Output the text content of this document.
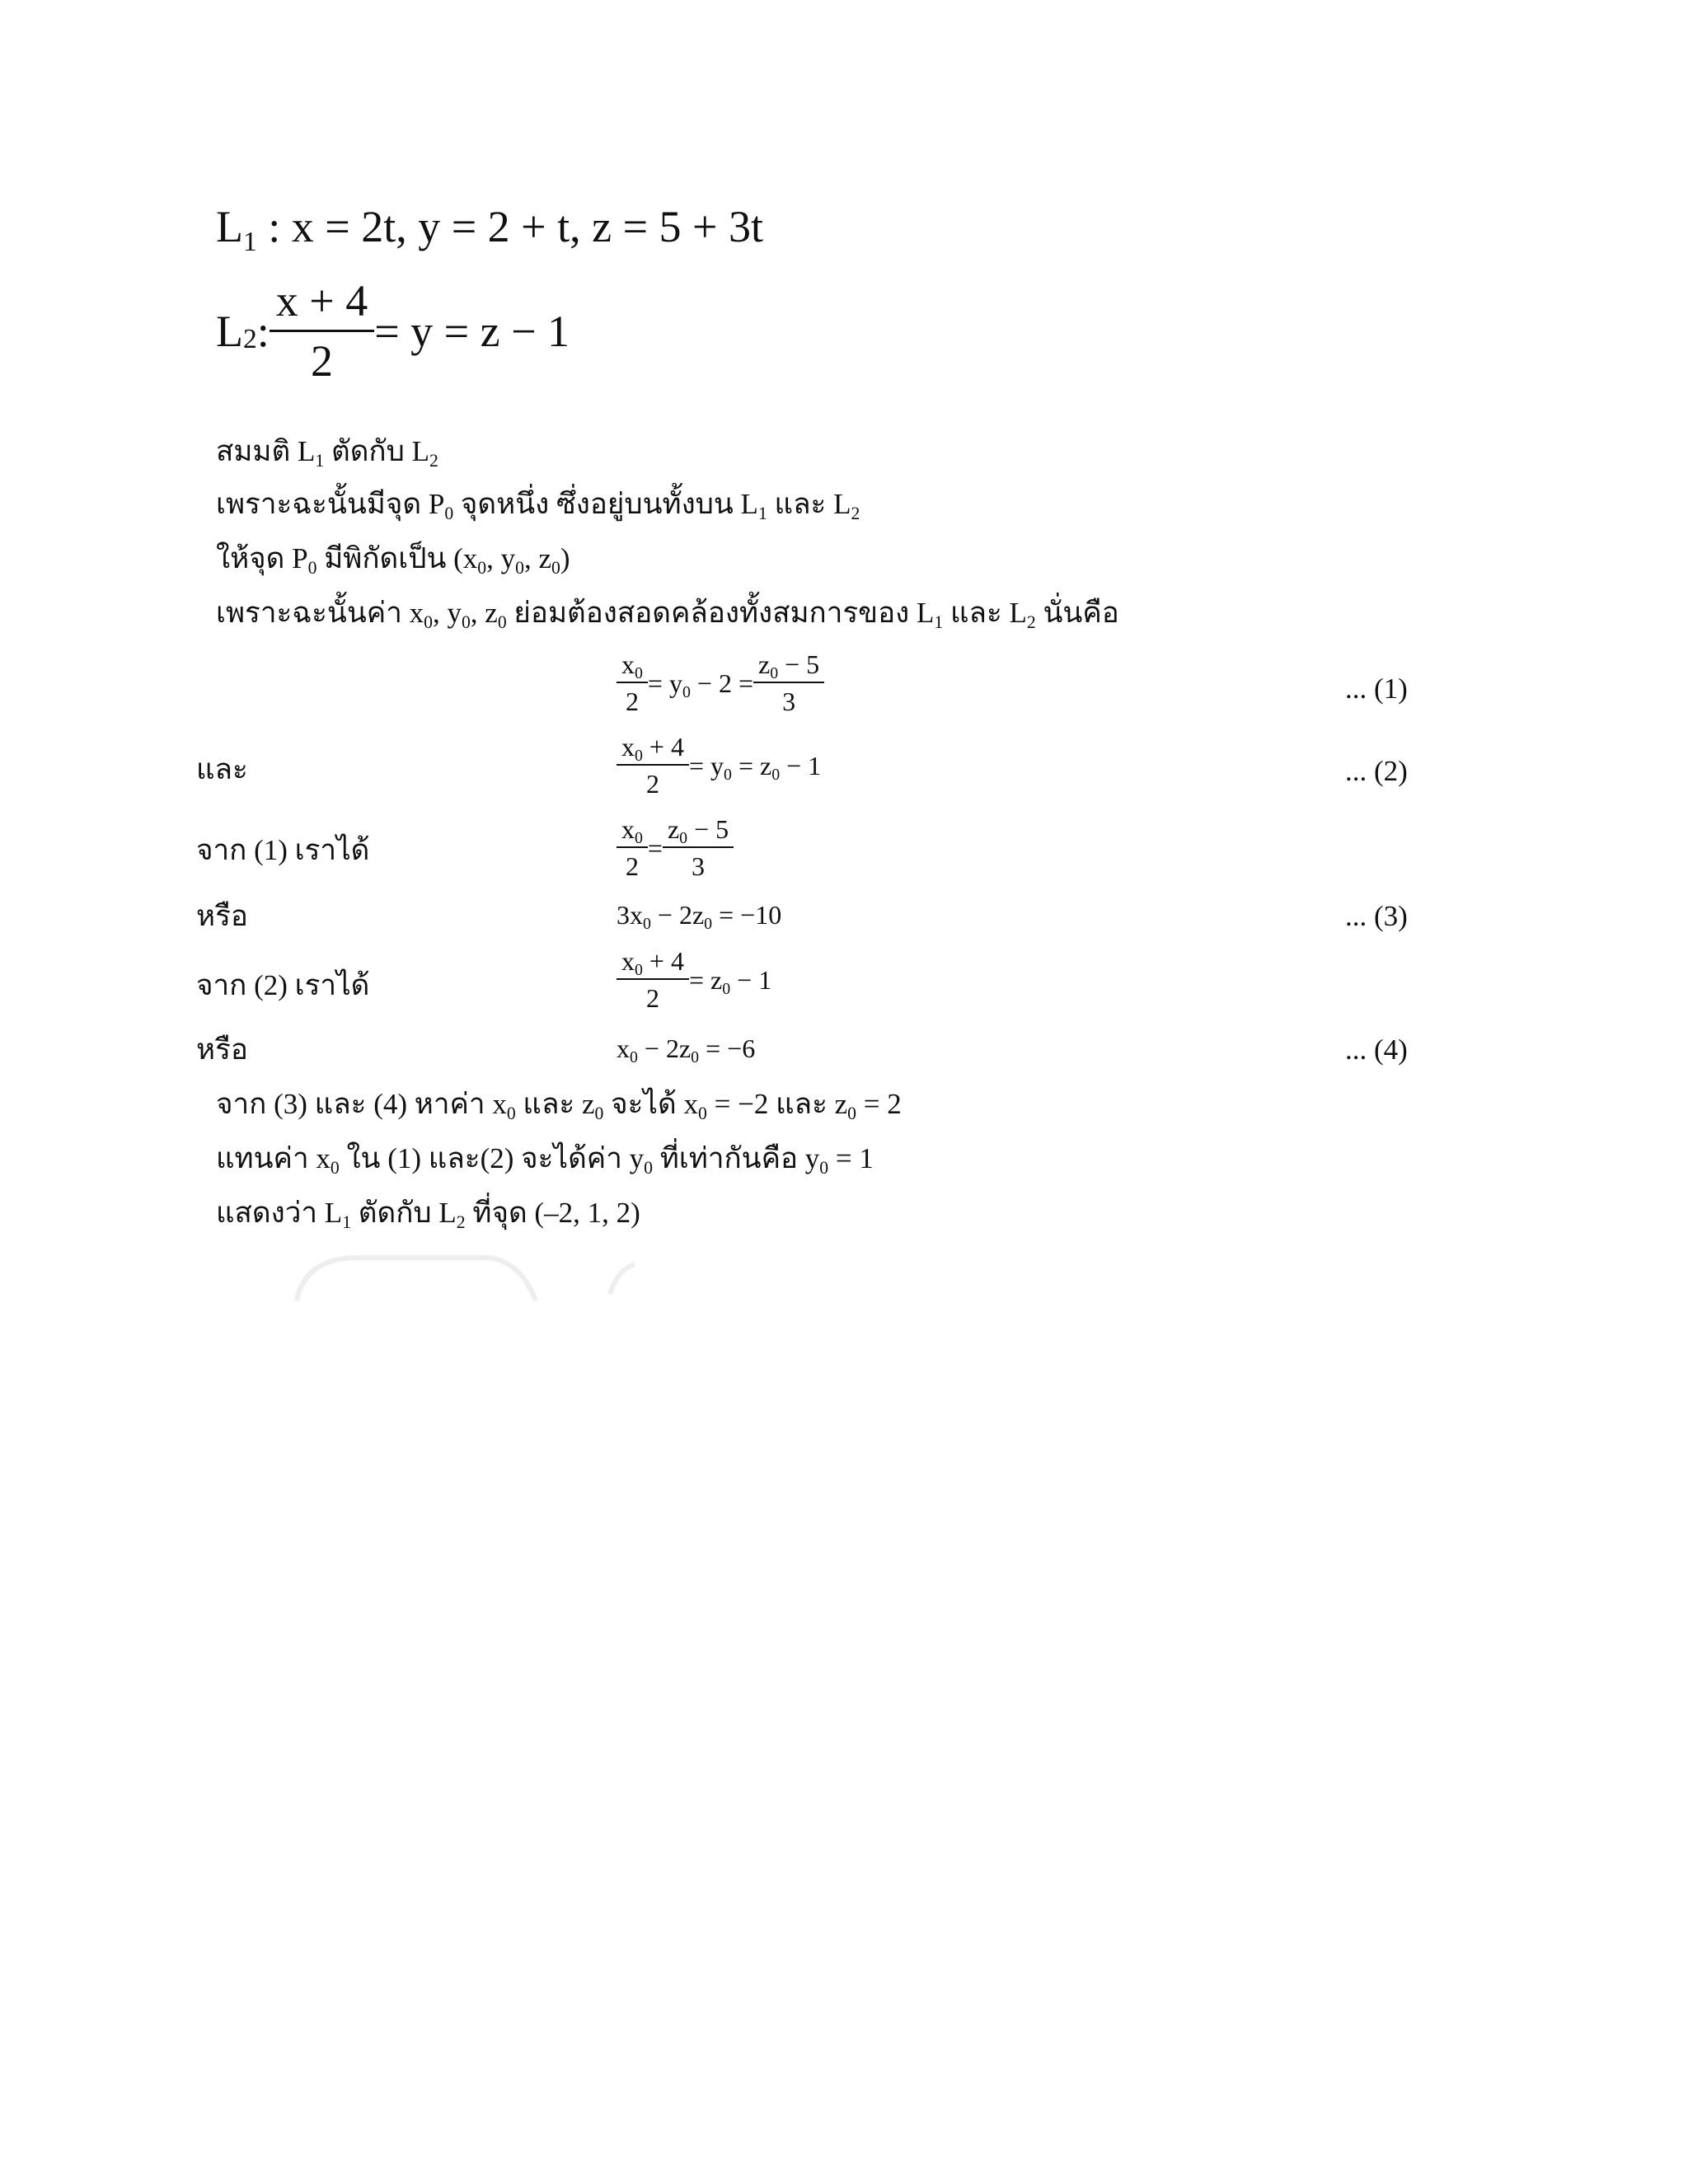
$L_1$ : x = 2t, y = 2 + t, z = 5 + 3t
$L_2$ : $\frac{x + 4}{2} = y = z - 1$
สมมติ $L_1$ ตัดกับ $L_2$
เพราะฉะนั้นมีจุด $P_0$ จุดหนึ่ง ซึ่งอยู่บนทั้งบน $L_1$ และ $L_2$
ให้จุด $P_0$ มีพิกัดเป็น ($x_0$, $y_0$, $z_0$)
เพราะฉะนั้นค่า $x_0$, $y_0$, $z_0$ ย่อมต้องสอดคล้องทั้งสมการของ $L_1$ และ $L_2$ นั่นคือ
$\frac{x_0}{2} = y_0 - 2 = \frac{z_0 - 5}{3}$	... (1)
และ	$\frac{x_0 + 4}{2} = y_0 = z_0 - 1$	... (2)
จาก (1) เราได้	$\frac{x_0}{2} = \frac{z_0 - 5}{3}$
หรือ	$3x_0 - 2z_0 = -10$	... (3)
จาก (2) เราได้	$\frac{x_0 + 4}{2} = z_0 - 1$
หรือ	$x_0 - 2z_0 = -6$	... (4)
จาก (3) และ (4) หาค่า $x_0$ และ $z_0$ จะได้ $x_0 = -2$ และ $z_0 = 2$
แทนค่า $x_0$ ใน (1) และ(2) จะได้ค่า $y_0$ ที่เท่ากันคือ $y_0 = 1$
แสดงว่า $L_1$ ตัดกับ $L_2$ ที่จุด (–2, 1, 2)
